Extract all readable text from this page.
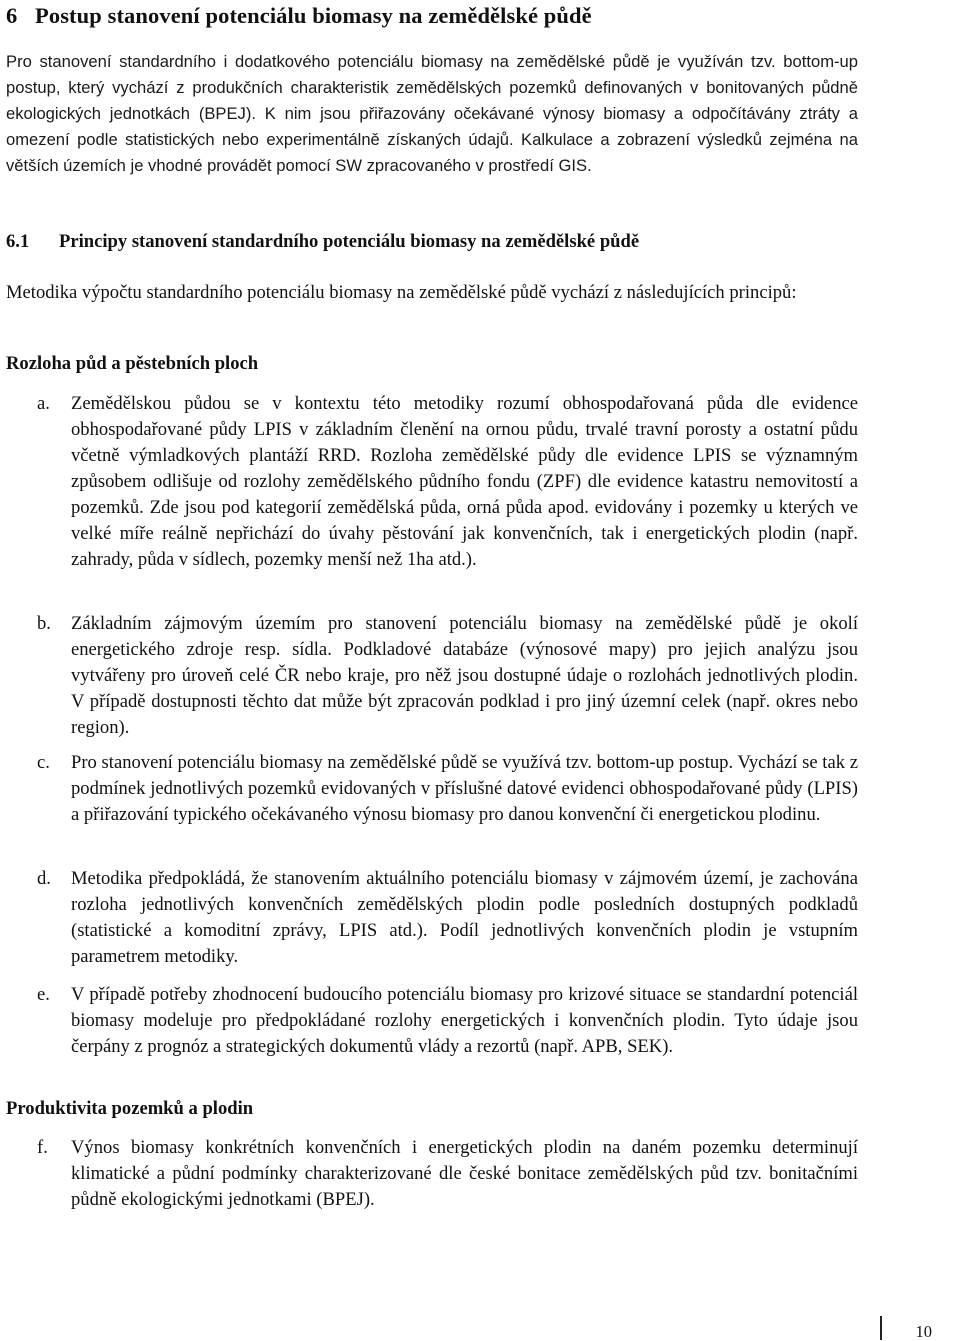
6 Postup stanovení potenciálu biomasy na zemědělské půdě

Pro stanovení standardního i dodatkového potenciálu biomasy na zemědělské půdě je využíván tzv. bottom-up postup, který vychází z produkčních charakteristik zemědělských pozemků definovaných v bonitovaných půdně ekologických jednotkách (BPEJ). K nim jsou přiřazovány očekávané výnosy biomasy a odpočítávány ztráty a omezení podle statistických nebo experimentálně získaných údajů. Kalkulace a zobrazení výsledků zejména na větších územích je vhodné provádět pomocí SW zpracovaného v prostředí GIS.

6.1 Principy stanovení standardního potenciálu biomasy na zemědělské půdě

Metodika výpočtu standardního potenciálu biomasy na zemědělské půdě vychází z následujících principů:

Rozloha půd a pěstebních ploch
a. Zemědělskou půdou se v kontextu této metodiky rozumí obhospodařovaná půda dle evidence obhospodařované půdy LPIS v základním členění na ornou půdu, trvalé travní porosty a ostatní půdu včetně výmladkových plantáží RRD. Rozloha zemědělské půdy dle evidence LPIS se významným způsobem odlišuje od rozlohy zemědělského půdního fondu (ZPF) dle evidence katastru nemovitostí a pozemků. Zde jsou pod kategorií zemědělská půda, orná půda apod. evidovány i pozemky u kterých ve velké míře reálně nepřichází do úvahy pěstování jak konvenčních, tak i energetických plodin (např. zahrady, půda v sídlech, pozemky menší než 1ha atd.).

b. Základním zájmovým územím pro stanovení potenciálu biomasy na zemědělské půdě je okolí energetického zdroje resp. sídla. Podkladové databáze (výnosové mapy) pro jejich analýzu jsou vytvářeny pro úroveň celé ČR nebo kraje, pro něž jsou dostupné údaje o rozlohách jednotlivých plodin. V případě dostupnosti těchto dat může být zpracován podklad i pro jiný územní celek (např. okres nebo region).

c. Pro stanovení potenciálu biomasy na zemědělské půdě se využívá tzv. bottom-up postup. Vychází se tak z podmínek jednotlivých pozemků evidovaných v příslušné datové evidenci obhospodařované půdy (LPIS) a přiřazování typického očekávaného výnosu biomasy pro danou konvenční či energetickou plodinu.

d. Metodika předpokládá, že stanovením aktuálního potenciálu biomasy v zájmovém území, je zachována rozloha jednotlivých konvenčních zemědělských plodin podle posledních dostupných podkladů (statistické a komoditní zprávy, LPIS atd.). Podíl jednotlivých konvenčních plodin je vstupním parametrem metodiky.

e. V případě potřeby zhodnocení budoucího potenciálu biomasy pro krizové situace se standardní potenciál biomasy modeluje pro předpokládané rozlohy energetických i konvenčních plodin. Tyto údaje jsou čerpány z prognóz a strategických dokumentů vlády a rezortů (např. APB, SEK).

Produktivita pozemků a plodin
f. Výnos biomasy konkrétních konvenčních i energetických plodin na daném pozemku determinují klimatické a půdní podmínky charakterizované dle české bonitace zemědělských půd tzv. bonitačními půdně ekologickými jednotkami (BPEJ).

10
